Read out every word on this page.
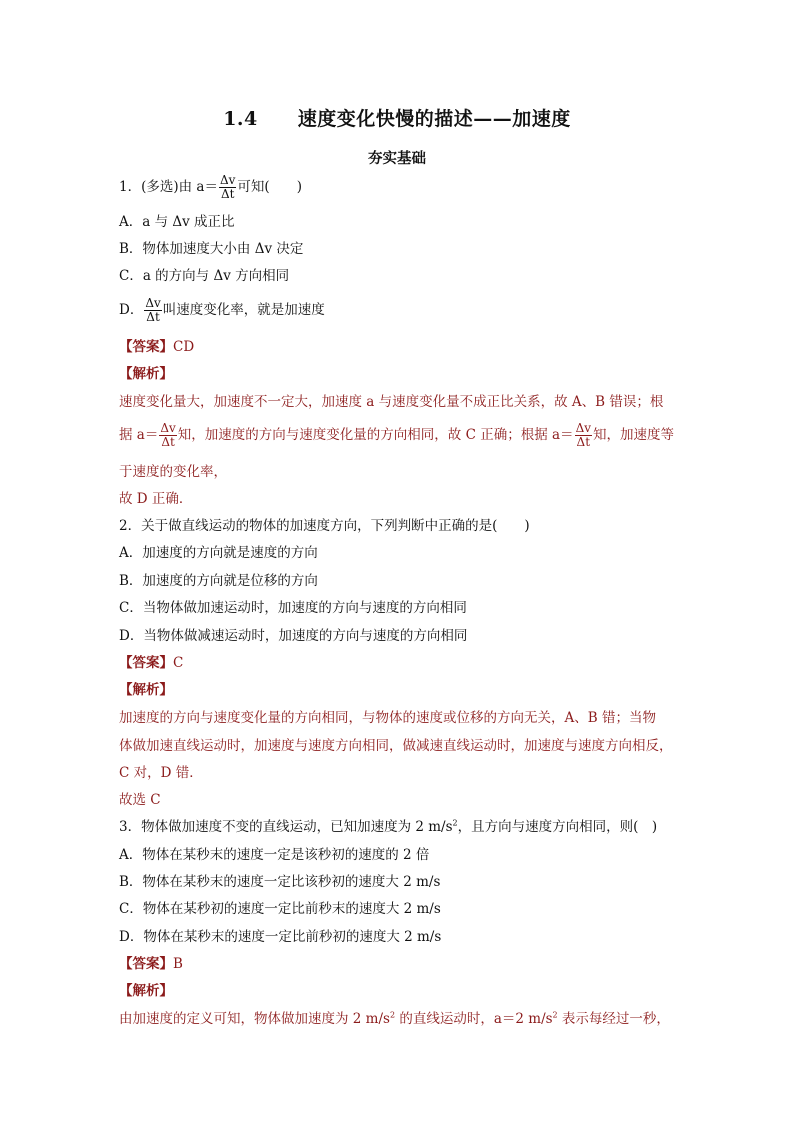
1.4 速度变化快慢的描述——加速度
夯实基础
1．(多选)由 $a= \frac{\Delta v}{\Delta t}$ 可知(　　)
A．a 与 Δv 成正比
B．物体加速度大小由 Δv 决定
C．a 的方向与 Δv 方向相同
D． $\frac{\Delta v}{\Delta t}$ 叫速度变化率，就是加速度
【答案】CD
【解析】
速度变化量大，加速度不一定大，加速度 a 与速度变化量不成正比关系，故 A、B 错误；根
据 $a= \frac{\Delta v}{\Delta t}$ 知，加速度的方向与速度变化量的方向相同，故 C 正确；根据 $a= \frac{\Delta v}{\Delta t}$ 知，加速度等
于速度的变化率，
故 D 正确．
2．关于做直线运动的物体的加速度方向，下列判断中正确的是(　　)
A．加速度的方向就是速度的方向
B．加速度的方向就是位移的方向
C．当物体做加速运动时，加速度的方向与速度的方向相同
D．当物体做减速运动时，加速度的方向与速度的方向相同
【答案】C
【解析】
加速度的方向与速度变化量的方向相同，与物体的速度或位移的方向无关，A、B 错；当物
体做加速直线运动时，加速度与速度方向相同，做减速直线运动时，加速度与速度方向相反，
C 对，D 错．
故选 C
3．物体做加速度不变的直线运动，已知加速度为 2 $m/s^2$，且方向与速度方向相同，则(　)
A．物体在某秒末的速度一定是该秒初的速度的 2 倍
B．物体在某秒末的速度一定比该秒初的速度大 2 m/s
C．物体在某秒初的速度一定比前秒末的速度大 2 m/s
D．物体在某秒末的速度一定比前秒初的速度大 2 m/s
【答案】B
【解析】
由加速度的定义可知，物体做加速度为 2 $m/s^2$ 的直线运动时，a＝2 $m/s^2$ 表示每经过一秒，
